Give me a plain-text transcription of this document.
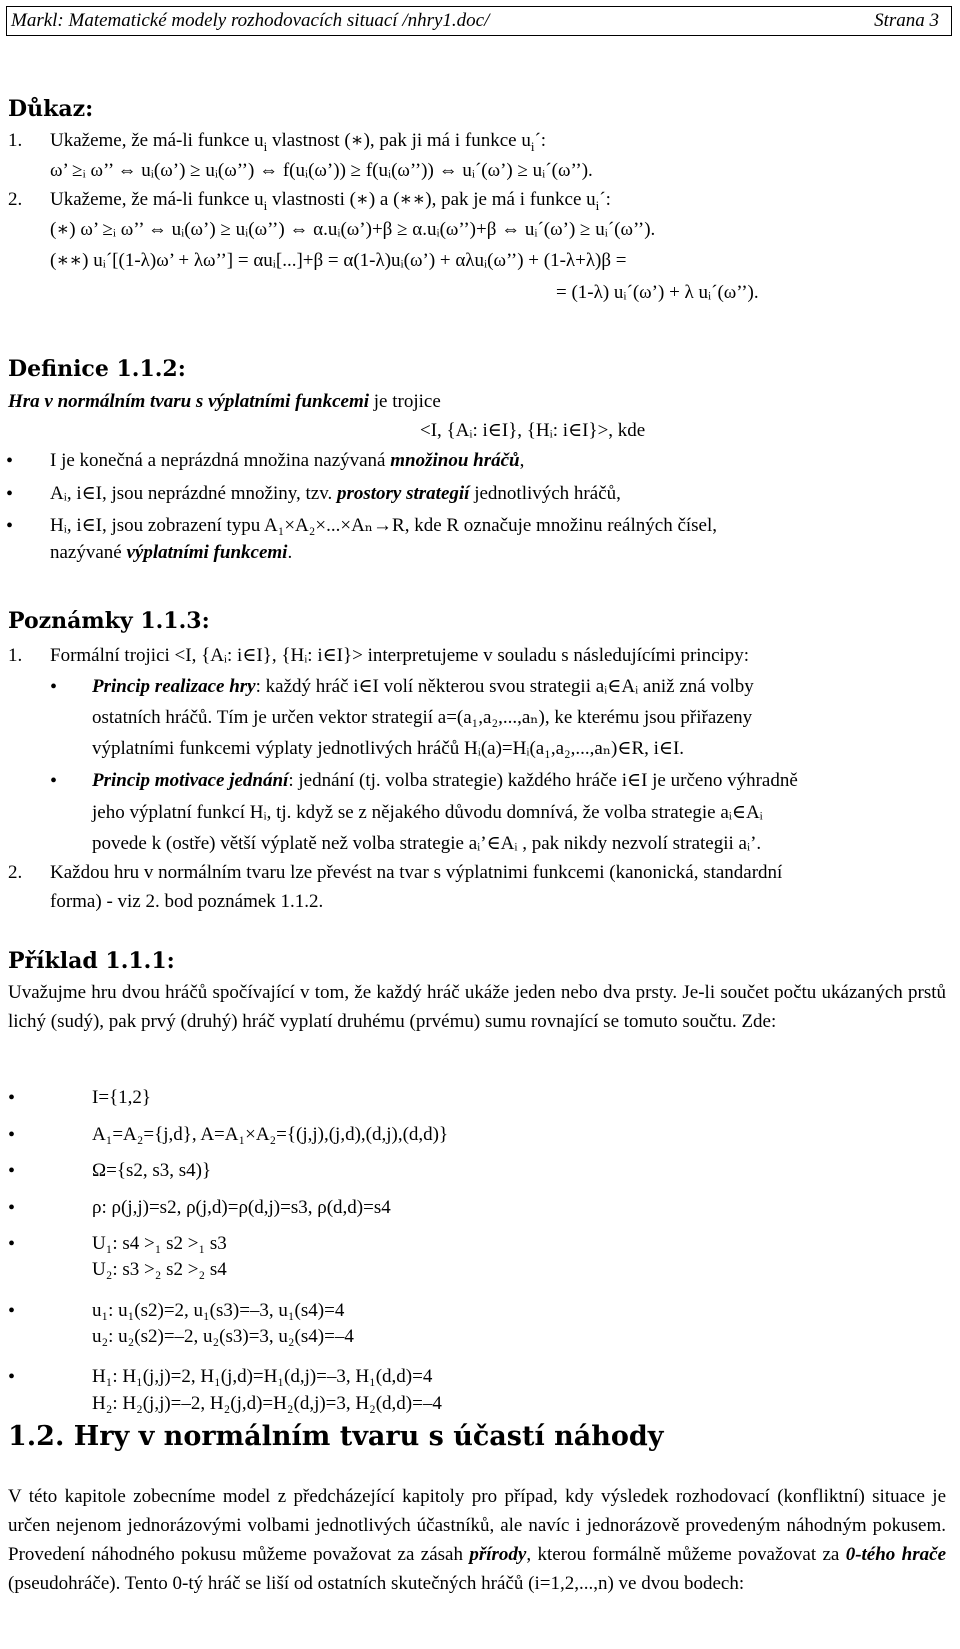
Markl: Matematické modely rozhodovacích situací /nhry1.doc/	Strana 3
Důkaz:
1. Ukažeme, že má-li funkce $u_i$ vlastnost (∗), pak ji má i funkce $u_i´$:
ω’ ≥ᵢ ω’’ ⇔ uᵢ(ω’) ≥ uᵢ(ω’’) ⇔ f(uᵢ(ω’)) ≥ f(uᵢ(ω’’)) ⇔ uᵢ´(ω’) ≥ uᵢ´(ω’’).
2. Ukažeme, že má-li funkce $u_i$ vlastnosti (∗) a (∗∗), pak je má i funkce $u_i´$:
(∗) ω’ ≥ᵢ ω’’ ⇔ uᵢ(ω’) ≥ uᵢ(ω’’) ⇔ α.uᵢ(ω’)+β ≥ α.uᵢ(ω’’)+β ⇔ uᵢ´(ω’) ≥ uᵢ´(ω’’).
(∗∗) uᵢ´[(1-λ)ω’ + λω’’] = αuᵢ[...]+β = α(1-λ)uᵢ(ω’) + αλuᵢ(ω’’) + (1-λ+λ)β =
= (1-λ) uᵢ´(ω’) + λ uᵢ´(ω’’).
Definice 1.1.2:
Hra v normálním tvaru s výplatními funkcemi je trojice
<I, {Aᵢ: i∈I}, {Hᵢ: i∈I}>, kde
• I je konečná a neprázdná množina nazývaná množinou hráčů,
• Aᵢ, i∈I, jsou neprázdné množiny, tzv. prostory strategií jednotlivých hráčů,
• Hᵢ, i∈I, jsou zobrazení typu A₁×A₂×...×Aₙ→R, kde R označuje množinu reálných čísel,
nazývané výplatními funkcemi.
Poznámky 1.1.3:
1. Formální trojici <I, {Aᵢ: i∈I}, {Hᵢ: i∈I}> interpretujeme v souladu s následujícími principy:
• Princip realizace hry: každý hráč i∈I volí některou svou strategii aᵢ∈Aᵢ aniž zná volby
ostatních hráčů. Tím je určen vektor strategií a=(a₁,a₂,...,aₙ), ke kterému jsou přiřazeny
výplatními funkcemi výplaty jednotlivých hráčů Hᵢ(a)=Hᵢ(a₁,a₂,...,aₙ)∈R, i∈I.
• Princip motivace jednání: jednání (tj. volba strategie) každého hráče i∈I je určeno výhradně
jeho výplatní funkcí Hᵢ, tj. když se z nějakého důvodu domnívá, že volba strategie aᵢ∈Aᵢ
povede k (ostře) větší výplatě než volba strategie aᵢ’∈Aᵢ , pak nikdy nezvolí strategii aᵢ’.
2. Každou hru v normálním tvaru lze převést na tvar s výplatnimi funkcemi (kanonická, standardní
forma) - viz 2. bod poznámek 1.1.2.
Příklad 1.1.1:
Uvažujme hru dvou hráčů spočívající v tom, že každý hráč ukáže jeden nebo dva prsty. Je-li součet počtu ukázaných prstů lichý (sudý), pak prvý (druhý) hráč vyplatí druhému (prvému) sumu rovnající se tomuto součtu. Zde:
•	I={1,2}
•	A₁=A₂={j,d}, A=A₁×A₂={(j,j),(j,d),(d,j),(d,d)}
•	Ω={s2, s3, s4)}
•	ρ: ρ(j,j)=s2, ρ(j,d)=ρ(d,j)=s3, ρ(d,d)=s4
•	U₁: s4 >₁ s2 >₁ s3
U₂: s3 >₂ s2 >₂ s4
•	u₁: u₁(s2)=2, u₁(s3)=–3, u₁(s4)=4
u₂: u₂(s2)=–2, u₂(s3)=3, u₂(s4)=–4
•	H₁: H₁(j,j)=2, H₁(j,d)=H₁(d,j)=–3, H₁(d,d)=4
H₂: H₂(j,j)=–2, H₂(j,d)=H₂(d,j)=3, H₂(d,d)=–4
1.2. Hry v normálním tvaru s účastí náhody
V této kapitole zobecníme model z předcházející kapitoly pro případ, kdy výsledek rozhodovací (konfliktní) situace je určen nejenom jednorázovými volbami jednotlivých účastníků, ale navíc i jednorázově provedeným náhodným pokusem. Provedení náhodného pokusu můžeme považovat za zásah přírody, kterou formálně můžeme považovat za 0-tého hrače (pseudohráče). Tento 0-tý hráč se liší od ostatních skutečných hráčů (i=1,2,...,n) ve dvou bodech:
